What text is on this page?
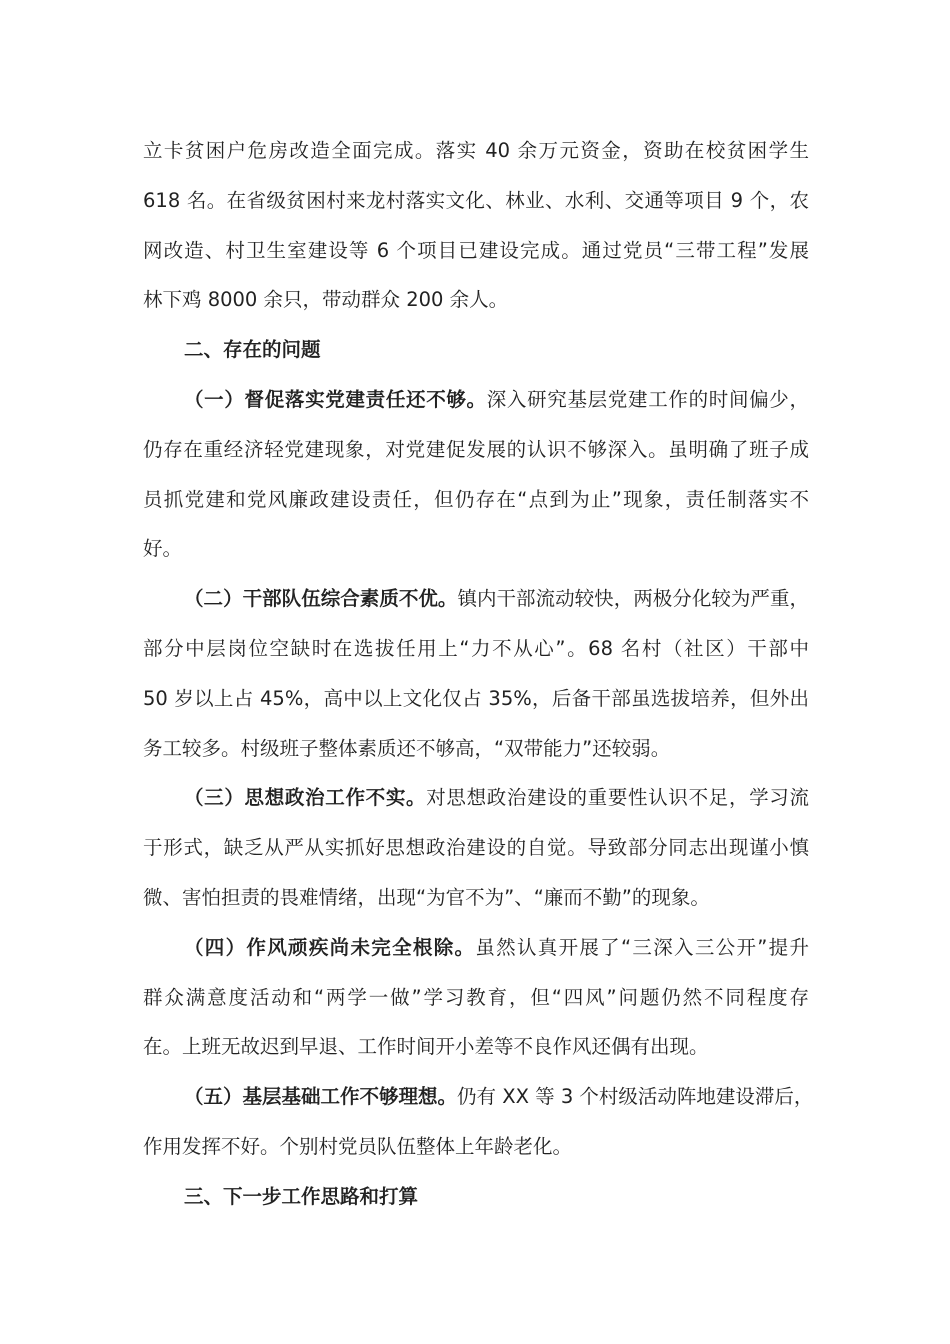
立卡贫困户危房改造全面完成。落实 40 余万元资金，资助在校贫困学生
618 名。在省级贫困村来龙村落实文化、林业、水利、交通等项目 9 个，农
网改造、村卫生室建设等 6 个项目已建设完成。通过党员“三带工程”发展
林下鸡 8000 余只，带动群众 200 余人。
二、存在的问题
（一）督促落实党建责任还不够。深入研究基层党建工作的时间偏少，
仍存在重经济轻党建现象，对党建促发展的认识不够深入。虽明确了班子成
员抓党建和党风廉政建设责任，但仍存在“点到为止”现象，责任制落实不
好。
（二）干部队伍综合素质不优。镇内干部流动较快，两极分化较为严重，
部分中层岗位空缺时在选拔任用上“力不从心”。68 名村（社区）干部中
50 岁以上占 45%，高中以上文化仅占 35%，后备干部虽选拔培养，但外出
务工较多。村级班子整体素质还不够高，“双带能力”还较弱。
（三）思想政治工作不实。对思想政治建设的重要性认识不足，学习流
于形式，缺乏从严从实抓好思想政治建设的自觉。导致部分同志出现谨小慎
微、害怕担责的畏难情绪，出现“为官不为”、“廉而不勤”的现象。
（四）作风顽疾尚未完全根除。虽然认真开展了“三深入三公开”提升
群众满意度活动和“两学一做”学习教育，但“四风”问题仍然不同程度存
在。上班无故迟到早退、工作时间开小差等不良作风还偶有出现。
（五）基层基础工作不够理想。仍有 XX 等 3 个村级活动阵地建设滞后，
作用发挥不好。个别村党员队伍整体上年龄老化。
三、下一步工作思路和打算
